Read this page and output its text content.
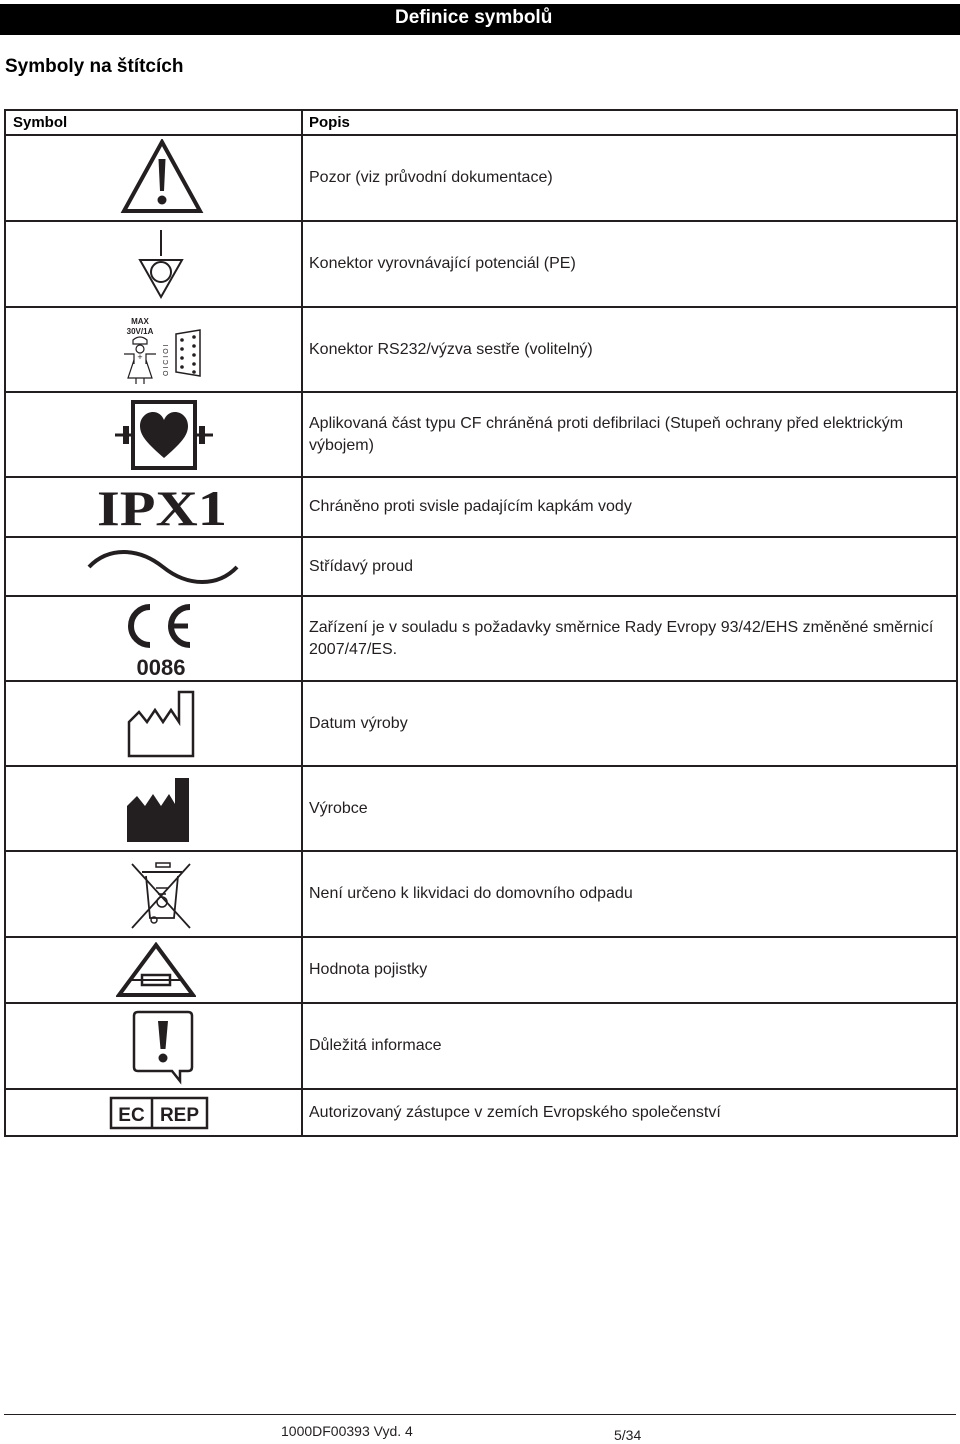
Definice symbolů
Symboly na štítcích
Symbol	Popis

	Pozor (viz průvodní dokumentace)

	Konektor vyrovnávající potenciál (PE)

MAX
30V/1A
+ O I C I O I	Konektor RS232/výzva sestře (volitelný)

	Aplikovaná část typu CF chráněná proti defibrilaci (Stupeň ochrany před elektrickým výbojem)

IPX1	Chráněno proti svisle padajícím kapkám vody

	Střídavý proud

0086	Zařízení je v souladu s požadavky směrnice Rady Evropy 93/42/EHS změněné směrnicí 2007/47/ES.

	Datum výroby

	Výrobce

	Není určeno k likvidaci do domovního odpadu

	Hodnota pojistky

	Důležitá informace

EC REP	Autorizovaný zástupce v zemích Evropského společenství
1000DF00393 Vyd. 4	5/34
